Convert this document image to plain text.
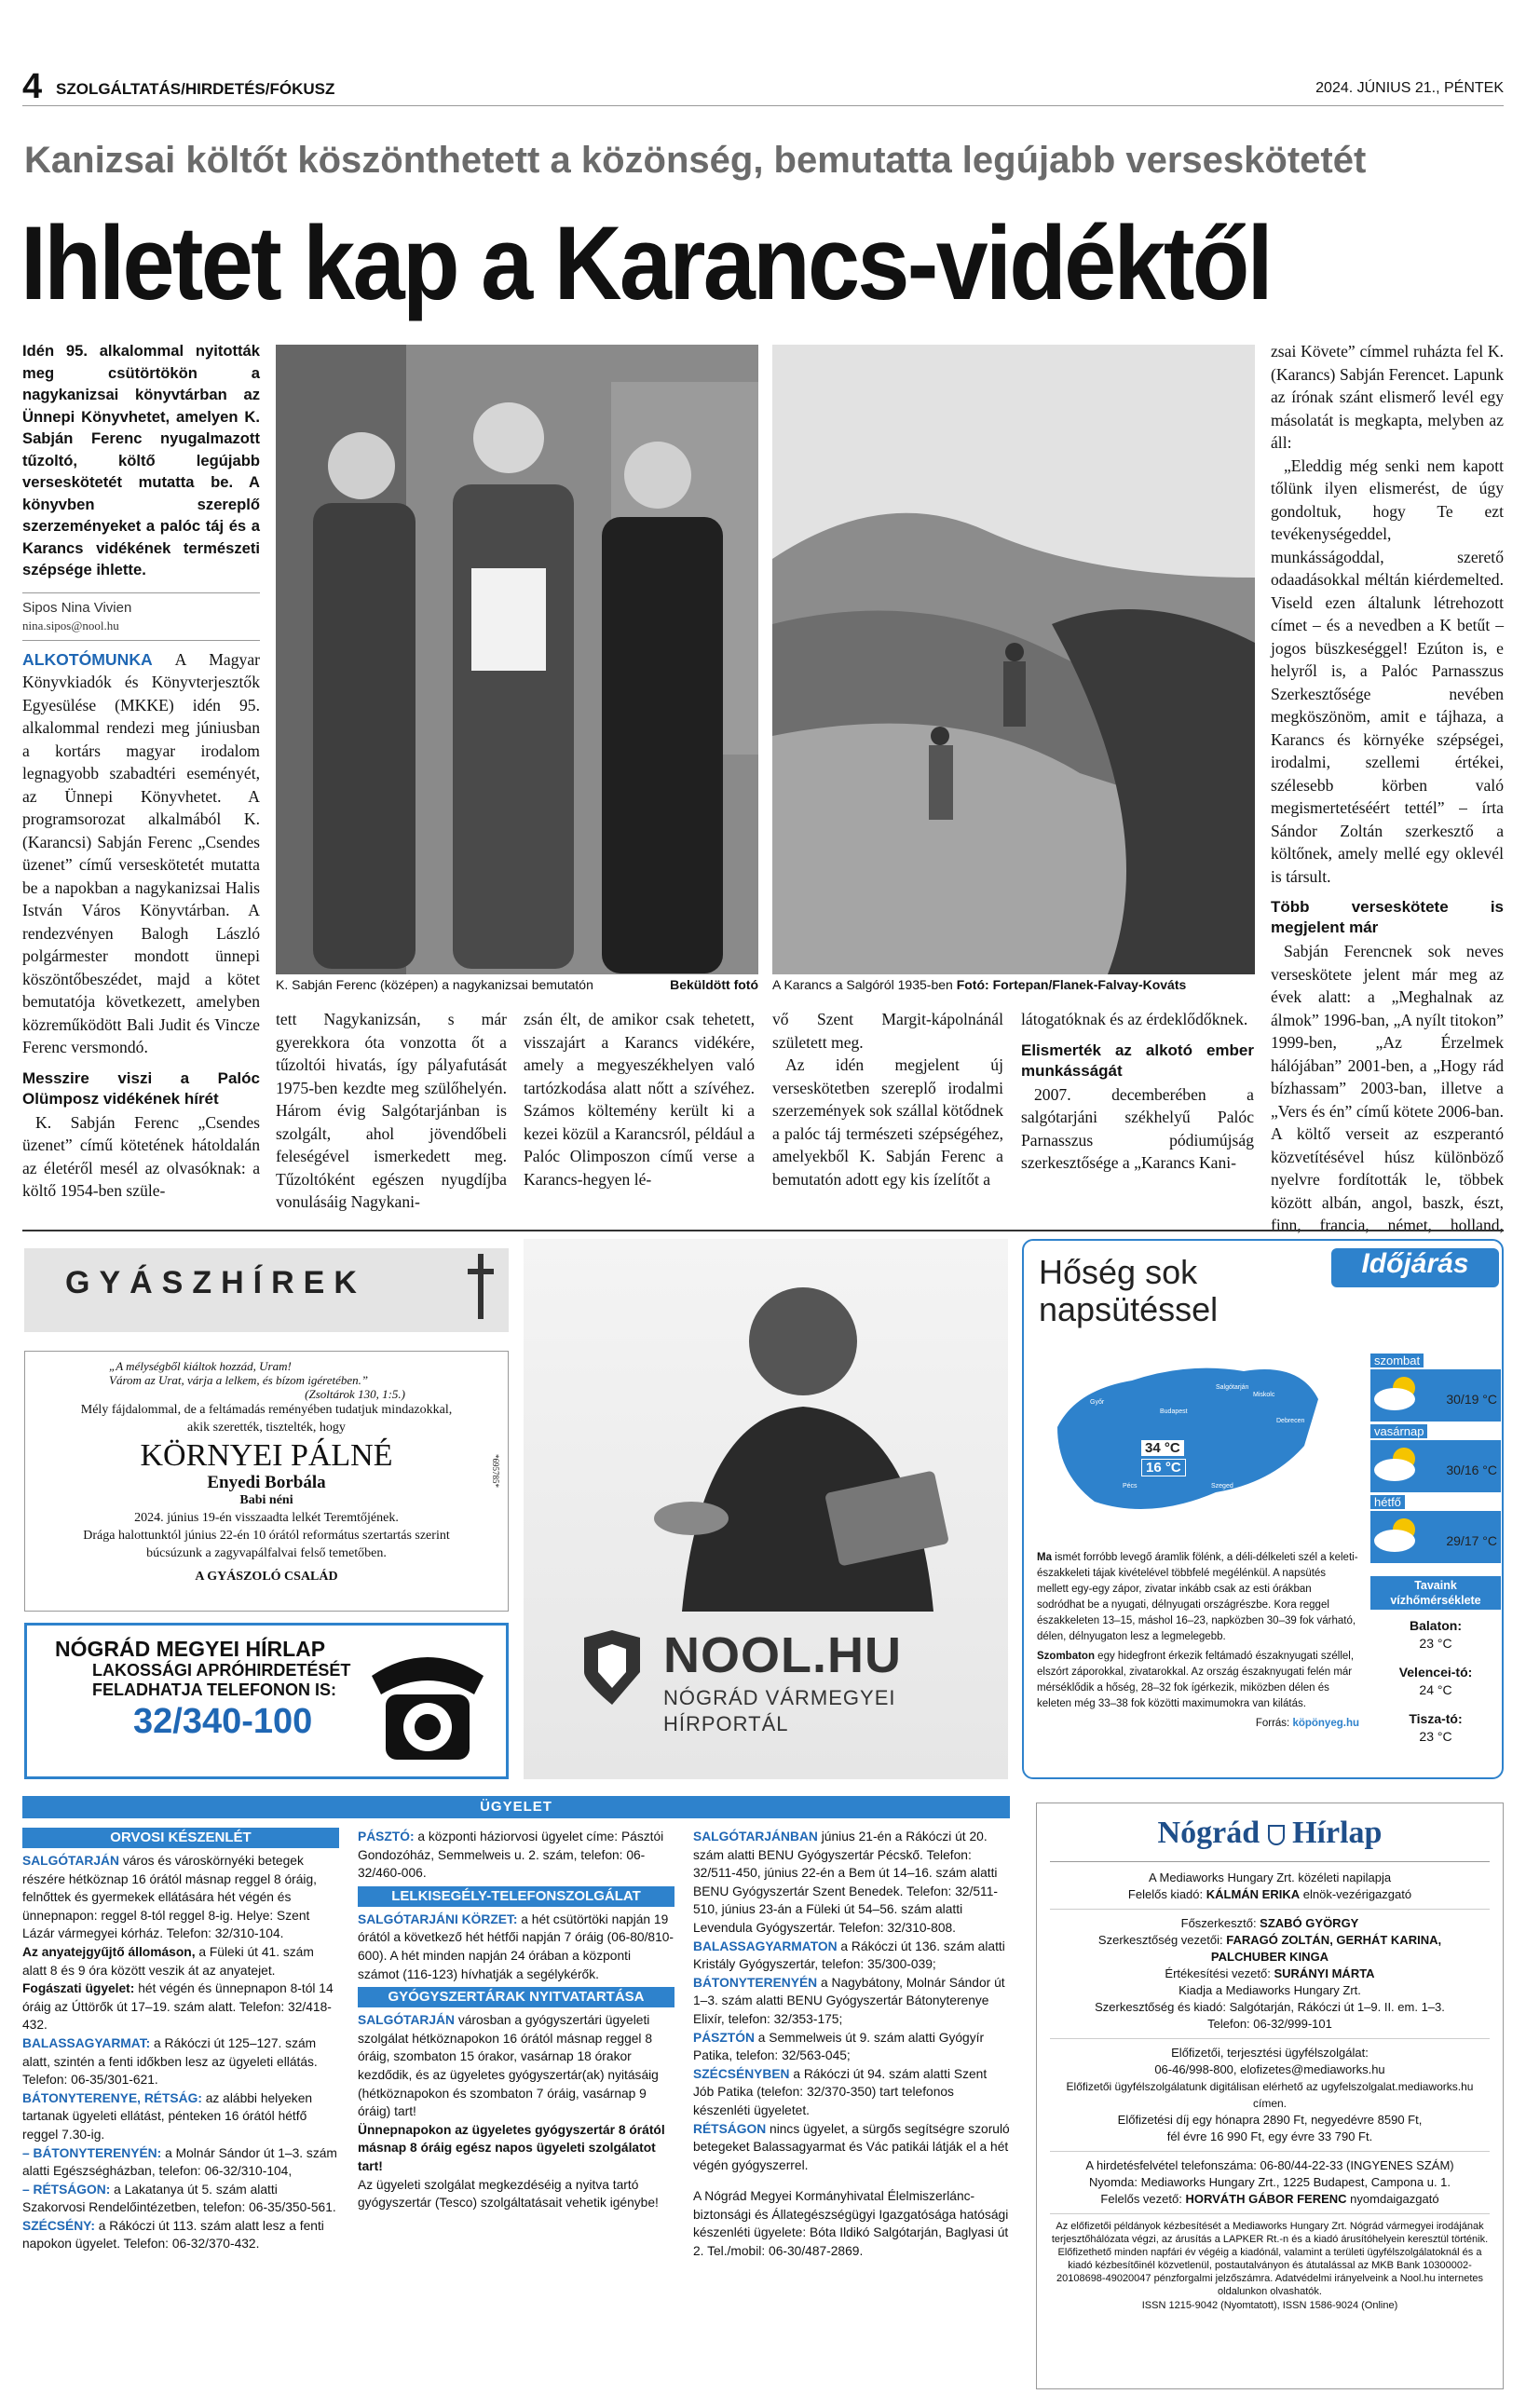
4 SZOLGÁLTATÁS/HIRDETÉS/FÓKUSZ	2024. JÚNIUS 21., PÉNTEK
Kanizsai költőt köszönthetett a közönség, bemutatta legújabb verseskötetét
Ihletet kap a Karancs-vidéktől
Idén 95. alkalommal nyitották meg csütörtökön a nagykanizsai könyvtárban az Ünnepi Könyvhetet, amelyen K. Sabján Ferenc nyugalmazott tűzoltó, költő legújabb verseskötetét mutatta be. A könyvben szereplő szerzeményeket a palóc táj és a Karancs vidékének természeti szépsége ihlette.
Sipos Nina Vivien
nina.sipos@nool.hu

ALKOTÓMUNKA A Magyar Könyvkiadók és Könyvterjesztők Egyesülése (MKKE) idén 95. alkalommal rendezi meg júniusban a kortárs magyar irodalom legnagyobb szabadtéri eseményét, az Ünnepi Könyvhetet. A programsorozat alkalmából K. (Karancsi) Sabján Ferenc „Csendes üzenet” című verseskötetét mutatta be a napokban a nagykanizsai Halis István Város Könyvtárban. A rendezvényen Balogh László polgármester mondott ünnepi köszöntőbeszédet, majd a kötet bemutatója következett, amelyben közreműködött Bali Judit és Vincze Ferenc versmondó.

Messzire viszi a Palóc Olümposz vidékének hírét

K. Sabján Ferenc „Csendes üzenet” című kötetének hátoldalán az életéről mesél az olvasóknak: a költő 1954-ben szüle-

K. Sabján Ferenc (középen) a nagykanizsai bemutatón	Beküldött fotó A Karancs a Salgóról 1935-ben Fotó: Fortepan/Flanek-Falvay-Kováts

tett Nagykanizsán, s már gyerekkora óta vonzotta őt a tűzoltói hivatás, így pályafutását 1975-ben kezdte meg szülőhelyén. Három évig Salgótarjánban is szolgált, ahol jövendőbeli feleségével ismerkedett meg. Tűzoltóként egészen nyugdíjba vonulásáig Nagykani-

zsán élt, de amikor csak tehetett, visszajárt a Karancs vidékére, amely a megyeszékhelyen való tartózkodása alatt nőtt a szívéhez. Számos költemény került ki a kezei közül a Karancsról, például a Palóc Olimposzon című verse a Karancs-hegyen lé-

vő Szent Margit-kápolnánál született meg.

Az idén megjelent új verseskötetben szereplő irodalmi szerzemények sok szállal kötődnek a palóc táj természeti szépségéhez, amelyekből K. Sabján Ferenc a bemutatón adott egy kis ízelítőt a

látogatóknak és az érdeklődőknek.

Elismerték az alkotó ember munkásságát

2007. decemberében a salgótarjáni székhelyű Palóc Parnasszus pódiumújság szerkesztősége a „Karancs Kani-

zsai Követe” címmel ruházta fel K. (Karancs) Sabján Ferencet. Lapunk az írónak szánt elismerő levél egy másolatát is megkapta, melyben az áll:

„Eleddig még senki nem kapott tőlünk ilyen elismerést, de úgy gondoltuk, hogy Te ezt tevékenységeddel, munkásságoddal, szerető odaadásokkal méltán kiérdemelted. Viseld ezen általunk létrehozott címet – és a nevedben a K betűt – jogos büszkeséggel! Ezúton is, e helyről is, a Palóc Parnasszus Szerkesztősége nevében megköszönöm, amit e tájhaza, a Karancs és környéke szépségei, irodalmi, szellemi értékei, szélesebb körben való megismertetéséért tettél” – írta Sándor Zoltán szerkesztő a költőnek, amely mellé egy oklevél is társult.

Több verseskötete is megjelent már

Sabján Ferencnek sok neves verseskötete jelent már meg az évek alatt: a „Meghalnak az álmok” 1996-ban, „A nyílt titokon” 1999-ben, „Az Érzelmek hálójában” 2001-ben, a „Hogy rád bízhassam” 2003-ban, illetve a „Vers és én” című kötete 2006-ban. A költő verseit az eszperantó közvetítésével húsz különböző nyelvre fordították le, többek között albán, angol, baszk, észt, finn, francia, német, holland,

GYÁSZHÍREK
„A mélységből kiáltok hozzád, Uram!
Várom az Urat, várja a lelkem, és bízom igéretében.”
(Zsoltárok 130, 1:5.)
Mély fájdalommal, de a feltámadás reményében tudatjuk mindazokkal,
akik szerették, tisztelték, hogy
KÖRNYEI PÁLNÉ
Enyedi Borbála
Babi néni
2024. június 19-én visszaadta lelkét Teremtőjének.
Drága halottunktól június 22-én 10 órától református szertartás szerint
búcsúzunk a zagyvapálfalvai felső temetőben.
A GYÁSZOLÓ CSALÁD
*695785*
NÓGRÁD MEGYEI HÍRLAP
LAKOSSÁGI APRÓHIRDETÉSÉT
FELADHATJA TELEFONON IS:
32/340-100
NOOL.HU
NÓGRÁD VÁRMEGYEI
HÍRPORTÁL
Hőség sok
napsütéssel
Időjárás
Budapest
Salgótarján
Győr
Pécs	Szeged
Debrecen
Miskolc
34 °C
16 °C
szombat
30/19 °C
vasárnap
30/16 °C
hétfő
29/17 °C
Ma ismét forróbb levegő áramlik fölénk, a déli-délkeleti szél a keleti-északkeleti tájak kivételével többfelé megélénkül. A napsütés mellett egy-egy zápor, zivatar inkább csak az esti órákban sodródhat be a nyugati, délnyugati országrészbe. Kora reggel északkeleten 13–15, máshol 16–23, napközben 30–39 fok várható, délen, délnyugaton lesz a legmelegebb.
Szombaton egy hidegfront érkezik feltámadó északnyugati széllel, elszórt záporokkal, zivatarokkal. Az ország északnyugati felén már mérséklődik a hőség, 28–32 fok ígérkezik, miközben délen és keleten még 33–38 fok közötti maximumokra van kilátás.
Forrás: köpönyeg.hu
Tavaink vízhőmérséklete
Balaton:
23 °C
Velencei-tó:
24 °C
Tisza-tó:
23 °C
ÜGYELET
ORVOSI KÉSZENLÉT
SALGÓTARJÁN város és városkörnyéki betegek részére hétköznap 16 órától másnap reggel 8 óráig, felnőttek és gyermekek ellátására hét végén és ünnepnapon: reggel 8-tól reggel 8-ig. Helye: Szent Lázár vármegyei kórház. Telefon: 32/310-104.
Az anyatejgyűjtő állomáson, a Füleki út 41. szám alatt 8 és 9 óra között veszik át az anyatejet.
Fogászati ügyelet: hét végén és ünnepnapon 8-tól 14 óráig az Úttörők út 17–19. szám alatt. Telefon: 32/418-432.
BALASSAGYARMAT: a Rákóczi út 125–127. szám alatt, szintén a fenti időkben lesz az ügyeleti ellátás. Telefon: 06-35/301-621.
BÁTONYTERENYE, RÉTSÁG: az alábbi helyeken tartanak ügyeleti ellátást, pénteken 16 órától hétfő reggel 7.30-ig.
– BÁTONYTERENYÉN: a Molnár Sándor út 1–3. szám alatti Egészségházban, telefon: 06-32/310-104,
– RÉTSÁGON: a Lakatanya út 5. szám alatti Szakorvosi Rendelőintézetben, telefon: 06-35/350-561.
SZÉCSÉNY: a Rákóczi út 113. szám alatt lesz a fenti napokon ügyelet. Telefon: 06-32/370-432.
PÁSZTÓ: a központi háziorvosi ügyelet címe: Pásztói Gondozóház, Semmelweis u. 2. szám, telefon: 06-32/460-006.
LELKISEGÉLY-TELEFONSZOLGÁLAT
SALGÓTARJÁNI KÖRZET: a hét csütörtöki napján 19 órától a következő hét hétfői napján 7 óráig (06-80/810-600). A hét minden napján 24 órában a központi számot (116-123) hívhatják a segélykérők.
GYÓGYSZERTÁRAK NYITVATARTÁSA
SALGÓTARJÁN városban a gyógyszertári ügyeleti szolgálat hétköznapokon 16 órától másnap reggel 8 óráig, szombaton 15 órakor, vasárnap 18 órakor kezdődik, és az ügyeletes gyógyszertár(ak) nyitásáig (hétköznapokon és szombaton 7 óráig, vasárnap 9 óráig) tart!
Ünnepnapokon az ügyeletes gyógyszertár 8 órától másnap 8 óráig egész napos ügyeleti szolgálatot tart!
Az ügyeleti szolgálat megkezdéséig a nyitva tartó gyógyszertár (Tesco) szolgáltatásait vehetik igénybe!
SALGÓTARJÁNBAN június 21-én a Rákóczi út 20. szám alatti BENU Gyógyszertár Pécskő. Telefon: 32/511-450, június 22-én a Bem út 14–16. szám alatti BENU Gyógyszertár Szent Benedek. Telefon: 32/511-510, június 23-án a Füleki út 54–56. szám alatti Levendula Gyógyszertár. Telefon: 32/310-808.
BALASSAGYARMATON a Rákóczi út 136. szám alatti Kristály Gyógyszertár, telefon: 35/300-039;
BÁTONYTERENYÉN a Nagybátony, Molnár Sándor út 1–3. szám alatti BENU Gyógyszertár Bátonyterenye Elixír, telefon: 32/353-175;
PÁSZTÓN a Semmelweis út 9. szám alatti Gyógyír Patika, telefon: 32/563-045;
SZÉCSÉNYBEN a Rákóczi út 94. szám alatti Szent Jób Patika (telefon: 32/370-350) tart telefonos készenléti ügyeletet.
RÉTSÁGON nincs ügyelet, a sürgős segítségre szoruló betegeket Balassagyarmat és Vác patikái látják el a hét végén gyógyszerrel.
A Nógrád Megyei Kormányhivatal Élelmiszerlánc-biztonsági és Állategészségügyi Igazgatósága hatósági készenléti ügyelete: Bóta Ildikó Salgótarján, Baglyasi út 2. Tel./mobil: 06-30/487-2869.
Nógrád Hírlap
A Mediaworks Hungary Zrt. közéleti napilapja
Felelős kiadó: KÁLMÁN ERIKA elnök-vezérigazgató
Főszerkesztő: SZABÓ GYÖRGY
Szerkesztőség vezetői: FARAGÓ ZOLTÁN, GERHÁT KARINA,
PALCHUBER KINGA
Értékesítési vezető: SURÁNYI MÁRTA
Kiadja a Mediaworks Hungary Zrt.
Szerkesztőség és kiadó: Salgótarján, Rákóczi út 1–9. II. em. 1–3.
Telefon: 06-32/999-101
Előfizetői, terjesztési ügyfélszolgálat:
06-46/998-800, elofizetes@mediaworks.hu
Előfizetői ügyfélszolgálatunk digitálisan elérhető az ugyfelszolgalat.mediaworks.hu címen.
Előfizetési díj egy hónapra 2890 Ft, negyedévre 8590 Ft,
fél évre 16 990 Ft, egy évre 33 790 Ft.
A hirdetésfelvétel telefonszáma: 06-80/44-22-33 (INGYENES SZÁM)
Nyomda: Mediaworks Hungary Zrt., 1225 Budapest, Campona u. 1.
Felelős vezető: HORVÁTH GÁBOR FERENC nyomdaigazgató
Az előfizetői példányok kézbesítését a Mediaworks Hungary Zrt. Nógrád vármegyei irodájának terjesztőhálózata végzi, az árusítás a LAPKER Rt.-n és a kiadó árusítóhelyein keresztül történik. Előfizethető minden napfári év végéig a kiadónál, valamint a területi ügyfélszolgálatoknál és a kiadó kézbesítőinél közvetlenül, postautalványon és átutalással az MKB Bank 10300002-20108698-49020047 pénzforgalmi jelzőszámra. Adatvédelmi irányelveink a Nool.hu internetes oldalunkon olvashatók.
ISSN 1215-9042 (Nyomtatott), ISSN 1586-9024 (Online)
